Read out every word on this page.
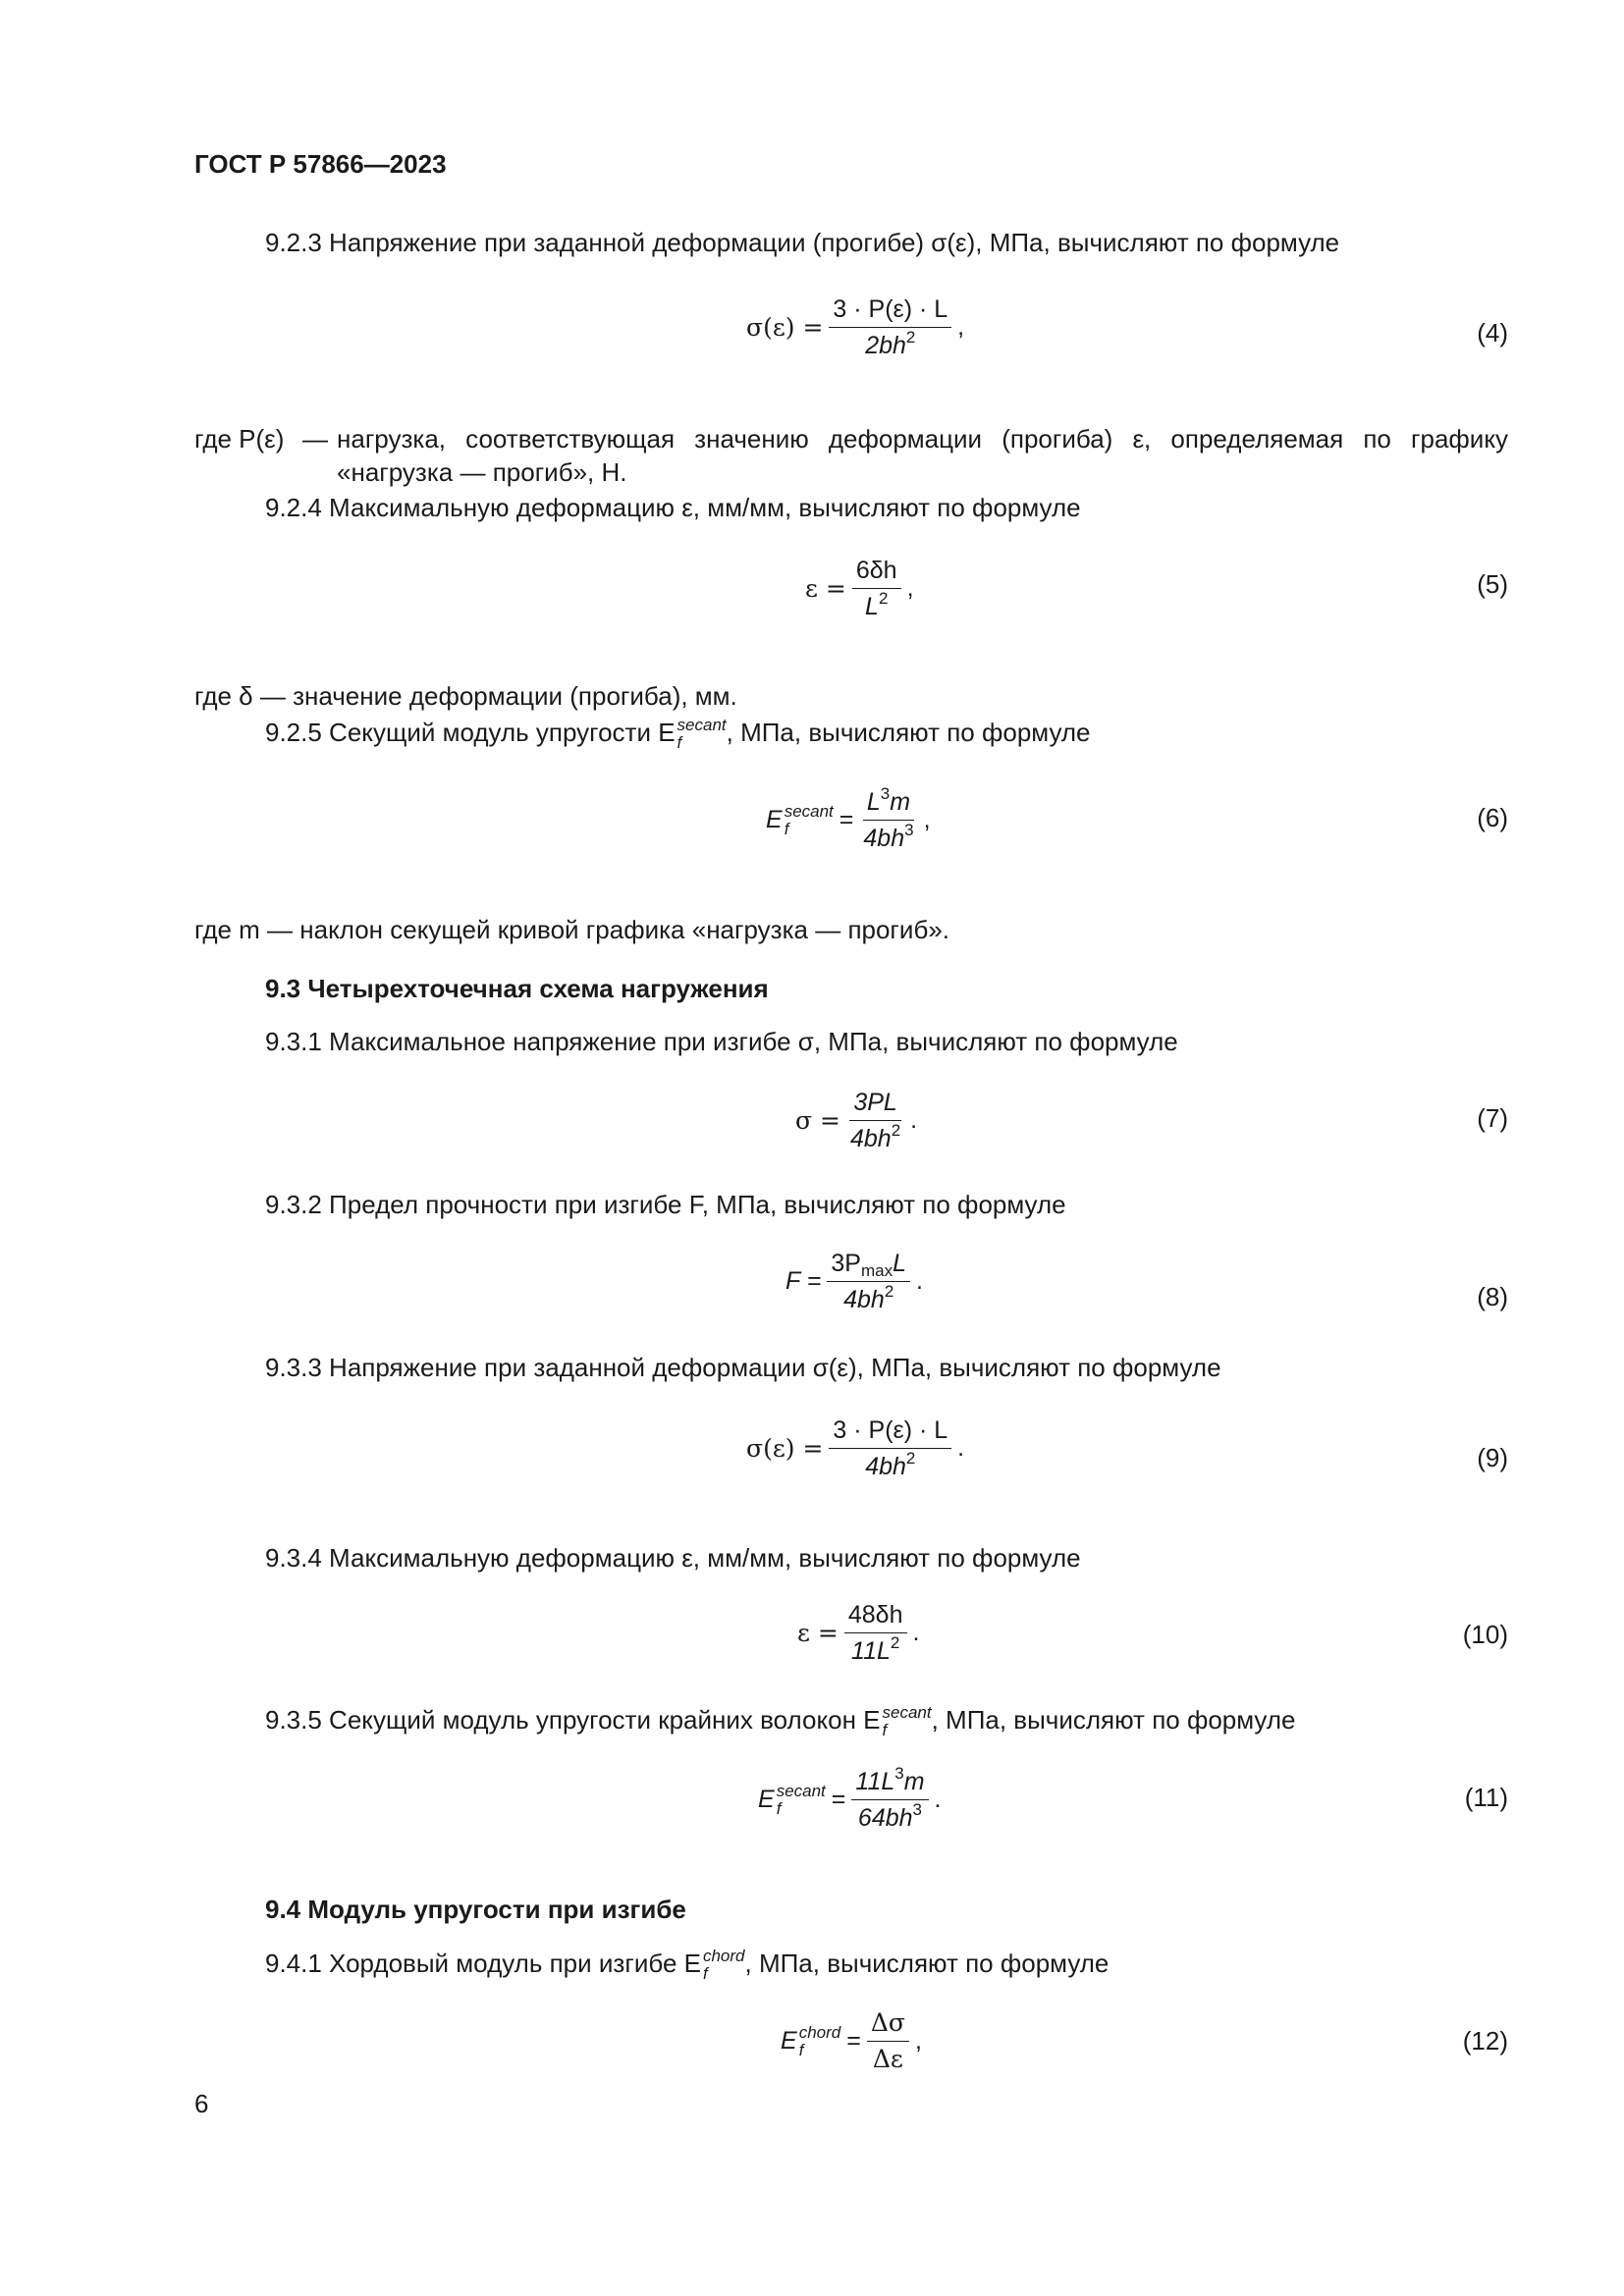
ГОСТ Р 57866—2023
9.2.3 Напряжение при заданной деформации (прогибе) σ(ε), МПа, вычисляют по формуле
$\sigma(\varepsilon) = \frac{3 \cdot P(\varepsilon) \cdot L}{2bh^2}$ ,	(4)
где P(ε) — нагрузка, соответствующая значению деформации (прогиба) ε, определяемая по графику
«нагрузка — прогиб», Н.
9.2.4 Максимальную деформацию ε, мм/мм, вычисляют по формуле
$\varepsilon = \frac{6\delta h}{L^2}$ ,	(5)
где δ — значение деформации (прогиба), мм.
9.2.5 Секущий модуль упругости E secant
f	, МПа, вычисляют по формуле
E secant
f	= $\frac{L^3m}{4bh^3}$ ,	(6)
где m — наклон секущей кривой графика «нагрузка — прогиб».
9.3 Четырехточечная схема нагружения
9.3.1 Максимальное напряжение при изгибе σ, МПа, вычисляют по формуле
$\sigma = \frac{3PL}{4bh^2}$ .	(7)
9.3.2 Предел прочности при изгибе F, МПа, вычисляют по формуле
$F = \frac{3P_{max}L}{4bh^2}$ .
(8)
9.3.3 Напряжение при заданной деформации σ(ε), МПа, вычисляют по формуле
$\sigma(\varepsilon) = \frac{3 \cdot P(\varepsilon) \cdot L}{4bh^2}$ .	(9)
9.3.4 Максимальную деформацию ε, мм/мм, вычисляют по формуле
$\varepsilon = \frac{48\delta h}{11L^2}$ .	(10)
9.3.5 Секущий модуль упругости крайних волокон E secant
f	, МПа, вычисляют по формуле
E secant
f	= $\frac{11L^3m}{64bh^3}$ .	(11)
9.4 Модуль упругости при изгибе
9.4.1 Хордовый модуль при изгибе E chord
f	, МПа, вычисляют по формуле
E chord
f	= $\frac{\Delta\sigma}{\Delta\varepsilon}$ ,	(12)
6
